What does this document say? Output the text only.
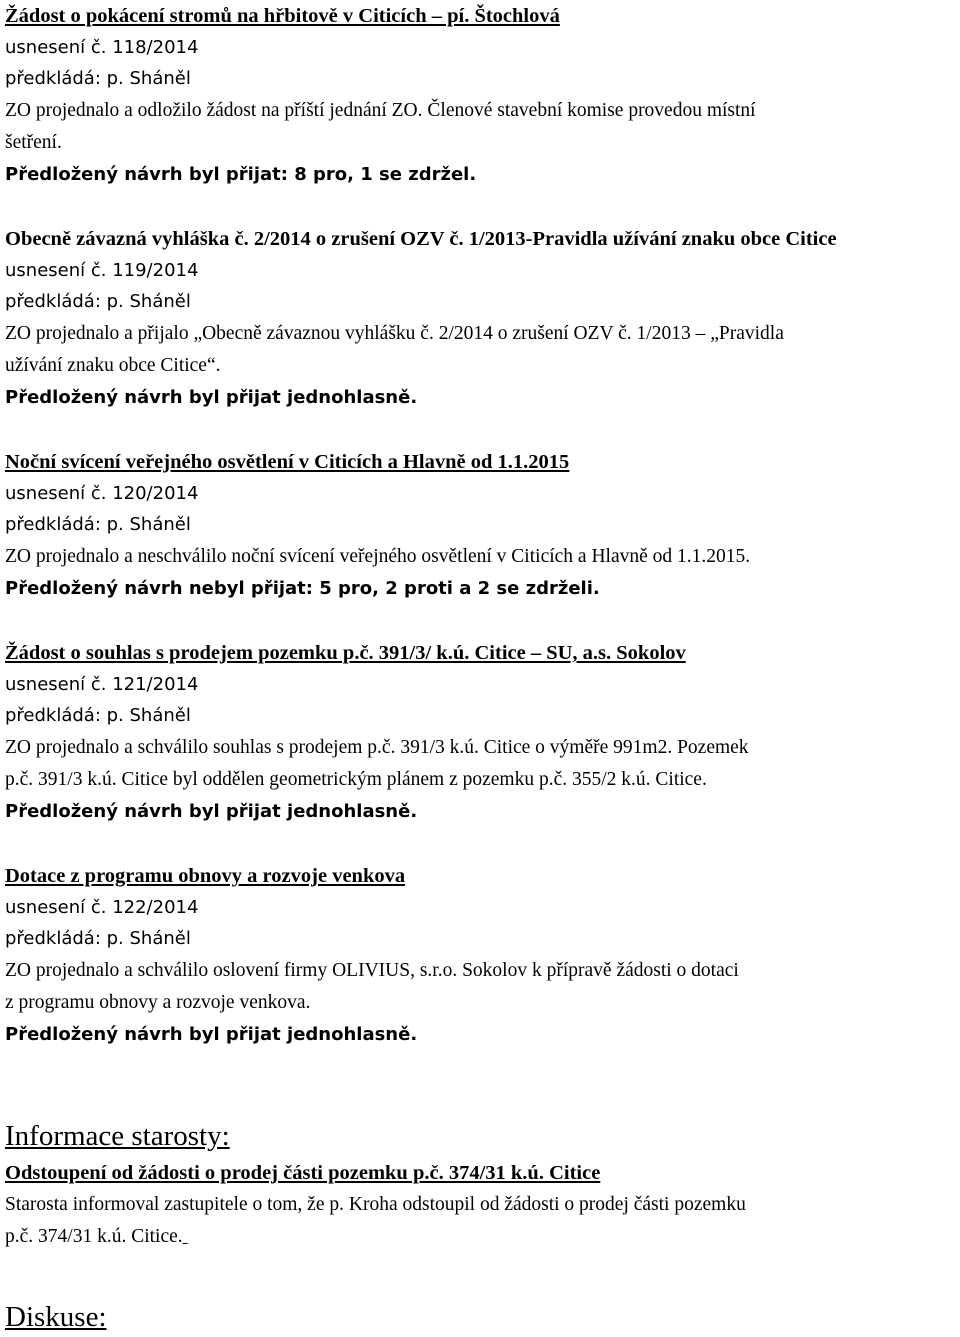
Žádost o pokácení stromů na hřbitově v Citicích – pí. Štochlová
usnesení č. 118/2014
předkládá: p. Sháněl
ZO projednalo a odložilo žádost na příští jednání ZO. Členové stavební komise provedou místní
šetření.
Předložený návrh byl přijat: 8 pro, 1 se zdržel.
Obecně závazná vyhláška č. 2/2014 o zrušení OZV č. 1/2013-Pravidla užívání znaku obce Citice
usnesení č. 119/2014
předkládá: p. Sháněl
ZO projednalo a přijalo „Obecně závaznou vyhlášku č. 2/2014 o zrušení OZV č. 1/2013 – „Pravidla
užívání znaku obce Citice“.
Předložený návrh byl přijat jednohlasně.
Noční svícení veřejného osvětlení v Citicích a Hlavně od 1.1.2015
usnesení č. 120/2014
předkládá: p. Sháněl
ZO projednalo a neschválilo noční svícení veřejného osvětlení v Citicích a Hlavně od 1.1.2015.
Předložený návrh nebyl přijat: 5 pro, 2 proti a 2 se zdrželi.
Žádost o souhlas s prodejem pozemku p.č. 391/3/ k.ú. Citice – SU, a.s. Sokolov
usnesení č. 121/2014
předkládá: p. Sháněl
ZO projednalo a schválilo souhlas s prodejem p.č. 391/3 k.ú. Citice o výměře 991m2. Pozemek
p.č. 391/3 k.ú. Citice byl oddělen geometrickým plánem z pozemku p.č. 355/2 k.ú. Citice.
Předložený návrh byl přijat jednohlasně.
Dotace z programu obnovy a rozvoje venkova
usnesení č. 122/2014
předkládá: p. Sháněl
ZO projednalo a schválilo oslovení firmy OLIVIUS, s.r.o. Sokolov k přípravě žádosti o dotaci
z programu obnovy a rozvoje venkova.
Předložený návrh byl přijat jednohlasně.
Informace starosty:
Odstoupení od žádosti o prodej části pozemku p.č. 374/31 k.ú. Citice
Starosta informoval zastupitele o tom, že p. Kroha odstoupil od žádosti o prodej části pozemku
p.č. 374/31 k.ú. Citice.
Diskuse:
